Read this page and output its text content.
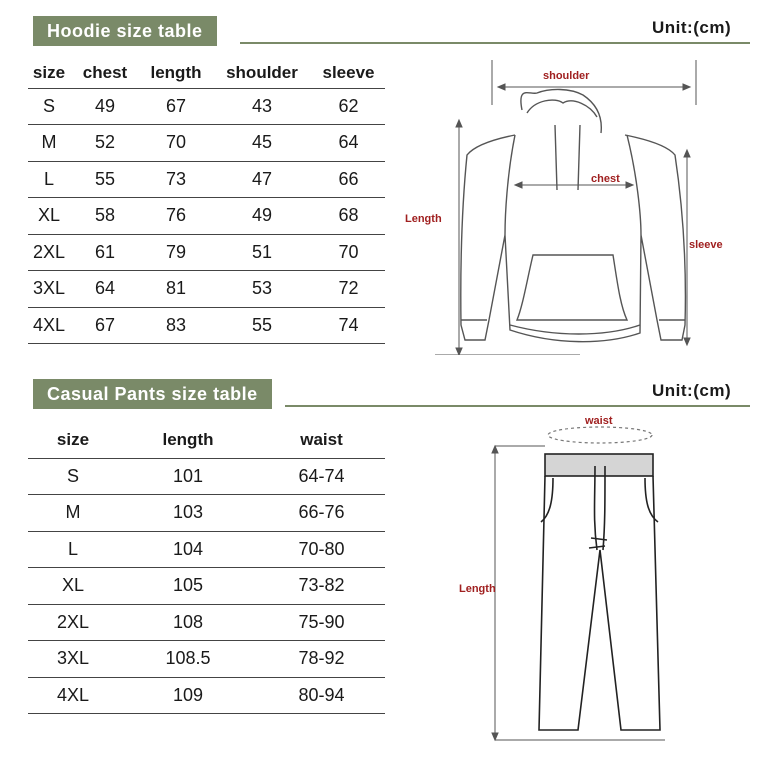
Hoodie size table	Unit:(cm)
size	chest	length	shoulder	sleeve
S	49	67	43	62
M	52	70	45	64
L	55	73	47	66
XL	58	76	49	68
2XL	61	79	51	70
3XL	64	81	53	72
4XL	67	83	55	74
shoulder
chest
Length
sleeve
Casual Pants size table	Unit:(cm)
size	length	waist
S	101	64-74
M	103	66-76
L	104	70-80
XL	105	73-82
2XL	108	75-90
3XL	108.5	78-92
4XL	109	80-94
waist
Length
